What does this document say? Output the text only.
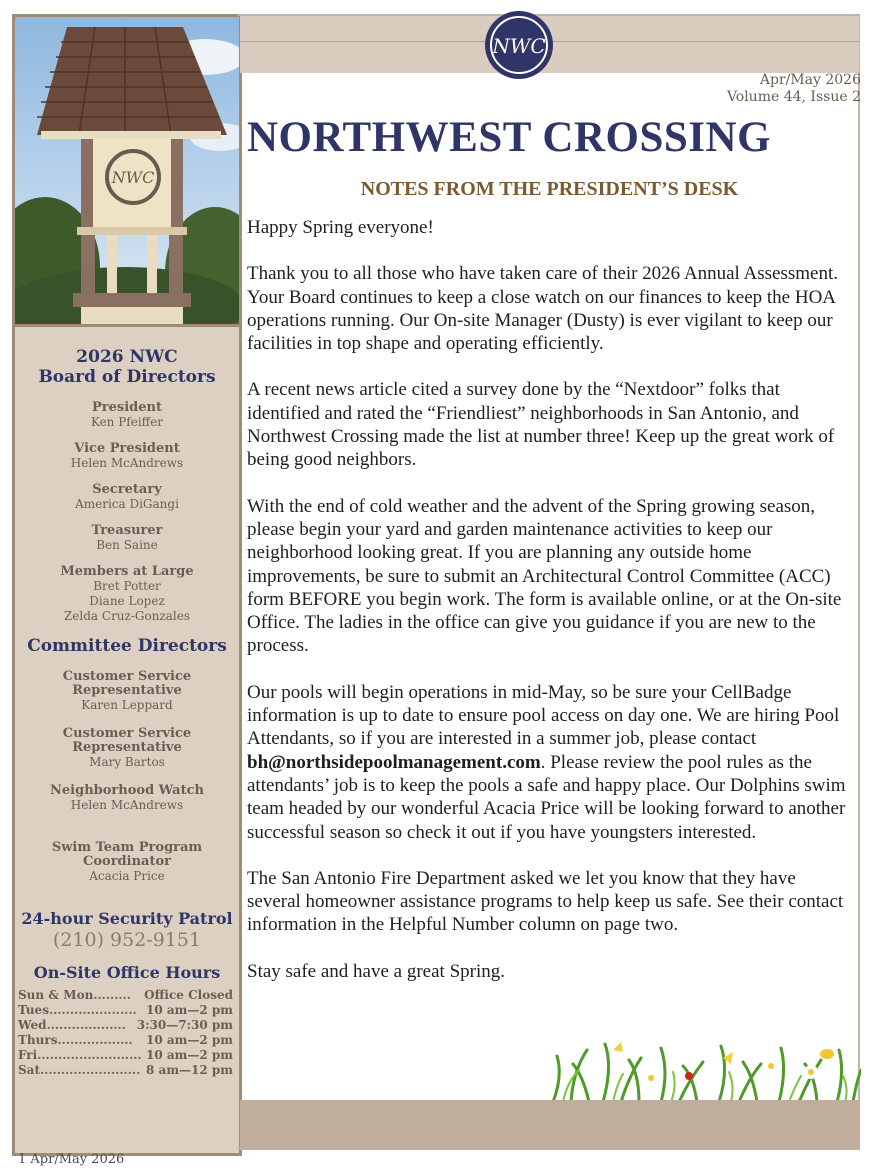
NWC
2026 NWC
Board of Directors
President
Ken Pfeiffer
Vice President
Helen McAndrews
Secretary
America DiGangi
Treasurer
Ben Saine
Members at Large
Bret Potter
Diane Lopez
Zelda Cruz-Gonzales
Committee Directors
Customer Service
Representative
Karen Leppard
Customer Service
Representative
Mary Bartos
Neighborhood Watch
Helen McAndrews
Swim Team Program
Coordinator
Acacia Price
24-hour Security Patrol
(210) 952-9151
On-Site Office Hours
Sun & Mon......... Office Closed
Tues..................... 10 am—2 pm
Wed................... 3:30—7:30 pm
Thurs.................. 10 am—2 pm
Fri......................... 10 am—2 pm
Sat........................ 8 am—12 pm
NWC
Apr/May 2026
Volume 44, Issue 2
NORTHWEST CROSSING
NOTES FROM THE PRESIDENT’S DESK

Happy Spring everyone!

Thank you to all those who have taken care of their 2026 Annual Assessment. Your Board continues to keep a close watch on our finances to keep the HOA operations running. Our On-site Manager (Dusty) is ever vigilant to keep our facilities in top shape and operating efficiently.

A recent news article cited a survey done by the “Nextdoor” folks that identified and rated the “Friendliest” neighborhoods in San Antonio, and Northwest Crossing made the list at number three! Keep up the great work of being good neighbors.

With the end of cold weather and the advent of the Spring growing season, please begin your yard and garden maintenance activities to keep our neighborhood looking great. If you are planning any outside home improvements, be sure to submit an Architectural Control Committee (ACC) form BEFORE you begin work. The form is available online, or at the On-site Office. The ladies in the office can give you guidance if you are new to the process.

Our pools will begin operations in mid-May, so be sure your CellBadge information is up to date to ensure pool access on day one. We are hiring Pool Attendants, so if you are interested in a summer job, please contact bh@northsidepoolmanagement.com. Please review the pool rules as the attendants’ job is to keep the pools a safe and happy place. Our Dolphins swim team headed by our wonderful Acacia Price will be looking forward to another successful season so check it out if you have youngsters interested.

The San Antonio Fire Department asked we let you know that they have several homeowner assistance programs to help keep us safe. See their contact information in the Helpful Number column on page two.

Stay safe and have a great Spring.

1 Apr/May 2026
